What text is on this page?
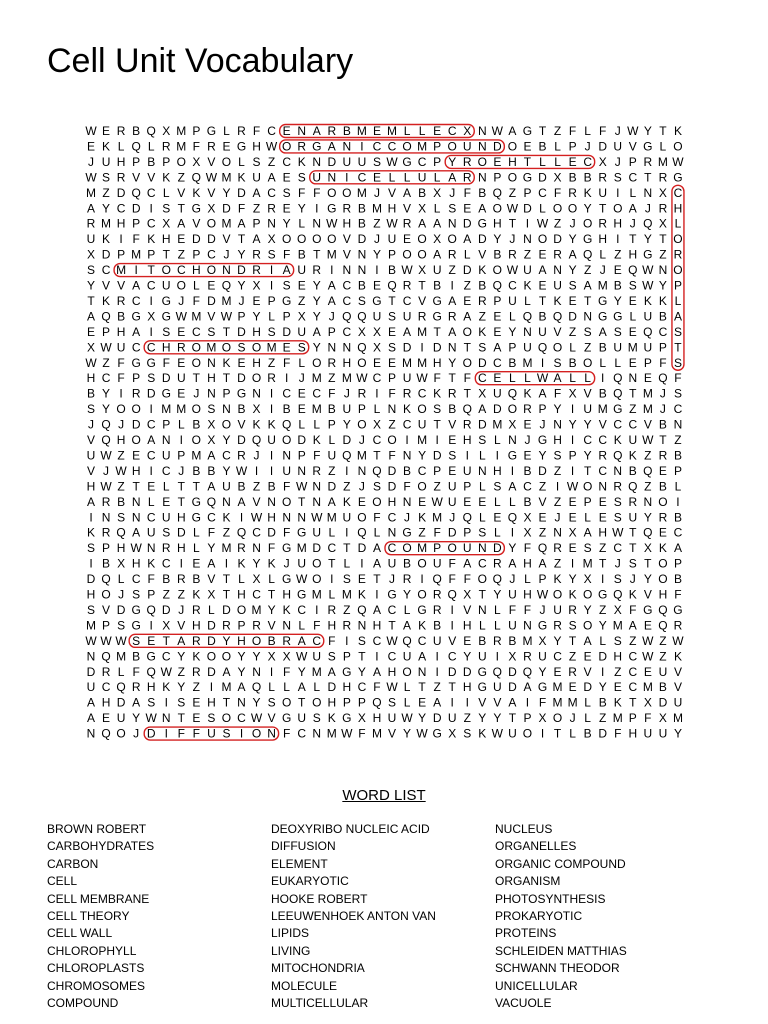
Cell Unit Vocabulary
W E R B Q X M P G L R F C E N A R B M E M L L E C X N W A G T Z F L F J W Y T K
E K L Q L R M F R E G H W O R G A N I C C O M P O U N D O E B L P J D U V G L O
J U H P B P O X V O L S Z C K N D U U S W G C P Y R O E H T L L E C X J P R M W
W S R V V K Z Q W M K U A E S U N I C E L L U L A R N P O G D X B B R S C T R G
M Z D Q C L V K V Y D A C S F F O O M J V A B X J F B Q Z P C F R K U I L N X C
A Y C D I S T G X D F Z R E Y I G R B M H V X L S E A O W D L O O Y T O A J R H
R M H P C X A V O M A P N Y L N W H B Z W R A A N D G H T I W Z J O R H J Q X L
U K I F K H E D D V T A X O O O O V D J U E O X O A D Y J N O D Y G H I T Y T O
X D P M P T Z P C J Y R S F B T M V N Y P O O A R L V B R Z E R A Q L Z H G Z R
S C M I T O C H O N D R I A U R I N N I B W X U Z D K O W U A N Y Z J E Q W N O
Y V V A C U O L E Q Y X I S E Y A C B E Q R T B I Z B Q C K E U S A M B S W Y P
T K R C I G J F D M J E P G Z Y A C S G T C V G A E R P U L T K E T G Y E K K L
A Q B G X G W M V W P Y L P X Y J Q Q U S U R G R A Z E L Q B Q D N G G L U B A
E P H A I S E C S T D H S D U A P C X X E A M T A O K E Y N U V Z S A S E Q C S
X W U C C H R O M O S O M E S Y N N Q X S D I D N T S A P U Q O L Z B U M U P T
W Z F G G F E O N K E H Z F L O R H O E E M M H Y O D C B M I S B O L L E P F S
H C F P S D U T H T D O R I J M Z M W C P U W F T F C E L L W A L L I Q N E Q F
B Y I R D G E J N P G N I C E C F J R I F R C K R T X U Q K A F X V B Q T M J S
S Y O O I M M O S N B X I B E M B U P L N K O S B Q A D O R P Y I U M G Z M J C
J Q J D C P L B X O V K K Q L L P Y O X Z C U T V R D M X E J N Y Y V C C V B N
V Q H O A N I O X Y D Q U O D K L D J C O I M I E H S L N J G H I C C K U W T Z
U W Z E C U P M A C R J I N P F U Q M T F N Y D S I L I G E Y S P Y R Q K Z R B
V J W H I C J B B Y W I I U N R Z I N Q D B C P E U N H I B D Z I T C N B Q E P
H W Z T E L T T A U B Z B F W N D Z J S D F O Z U P L S A C Z I W O N R Q Z B L
A R B N L E T G Q N A V N O T N A K E O H N E W U E E L L B V Z E P E S R N O I
I N S N C U H G C K I W H N N W M U O F C J K M J Q L E Q X E J E L E S U Y R B
K R Q A U S D L F Z Q C D F G U L I Q L N G Z F D P S L I X Z N X A H W T Q E C
S P H W N R H L Y M R N F G M D C T D A C O M P O U N D Y F Q R E S Z C T X K A
I B X H K C I E A I K Y K J U O T L I A U B O U F A C R A H A Z I M T J S T O P
D Q L C F B R B V T L X L G W O I S E T J R I Q F F O Q J L P K Y X I S J Y O B
H O J S P Z Z K X T H C T H G M L M K I G Y O R Q X T Y U H W O K O G Q K V H F
S V D G Q D J R L D O M Y K C I R Z Q A C L G R I V N L F F J U R Y Z X F G Q G
M P S G I X V H D R P R V N L F H R N H T A K B I H L L U N G R S O Y M A E Q R
W W W S E T A R D Y H O B R A C F I S C W Q C U V E B R B M X Y T A L S Z W Z W
N Q M B G C Y K O O Y Y X X W U S P T I C U A I C Y U I X R U C Z E D H C W Z K
D R L F Q W Z R D A Y N I F Y M A G Y A H O N I D D G Q D Q Y E R V I Z C E U V
U C Q R H K Y Z I M A Q L L A L D H C F W L T Z T H G U D A G M E D Y E C M B V
A H D A S I S E H T N Y S O T O H P P Q S L E A I I V V A I F M M L B K T X D U
A E U Y W N T E S O C W V G U S K G X H U W Y D U Z Y Y T P X O J L Z M P F X M
N Q O J D I F F U S I O N F C N M W F M V Y W G X S K W U O I T L B D F H U U Y
WORD LIST
BROWN ROBERT
CARBOHYDRATES
CARBON
CELL
CELL MEMBRANE
CELL THEORY
CELL WALL
CHLOROPHYLL
CHLOROPLASTS
CHROMOSOMES
COMPOUND
DEOXYRIBO NUCLEIC ACID
DIFFUSION
ELEMENT
EUKARYOTIC
HOOKE ROBERT
LEEUWENHOEK ANTON VAN
LIPIDS
LIVING
MITOCHONDRIA
MOLECULE
MULTICELLULAR
NUCLEUS
ORGANELLES
ORGANIC COMPOUND
ORGANISM
PHOTOSYNTHESIS
PROKARYOTIC
PROTEINS
SCHLEIDEN MATTHIAS
SCHWANN THEODOR
UNICELLULAR
VACUOLE
